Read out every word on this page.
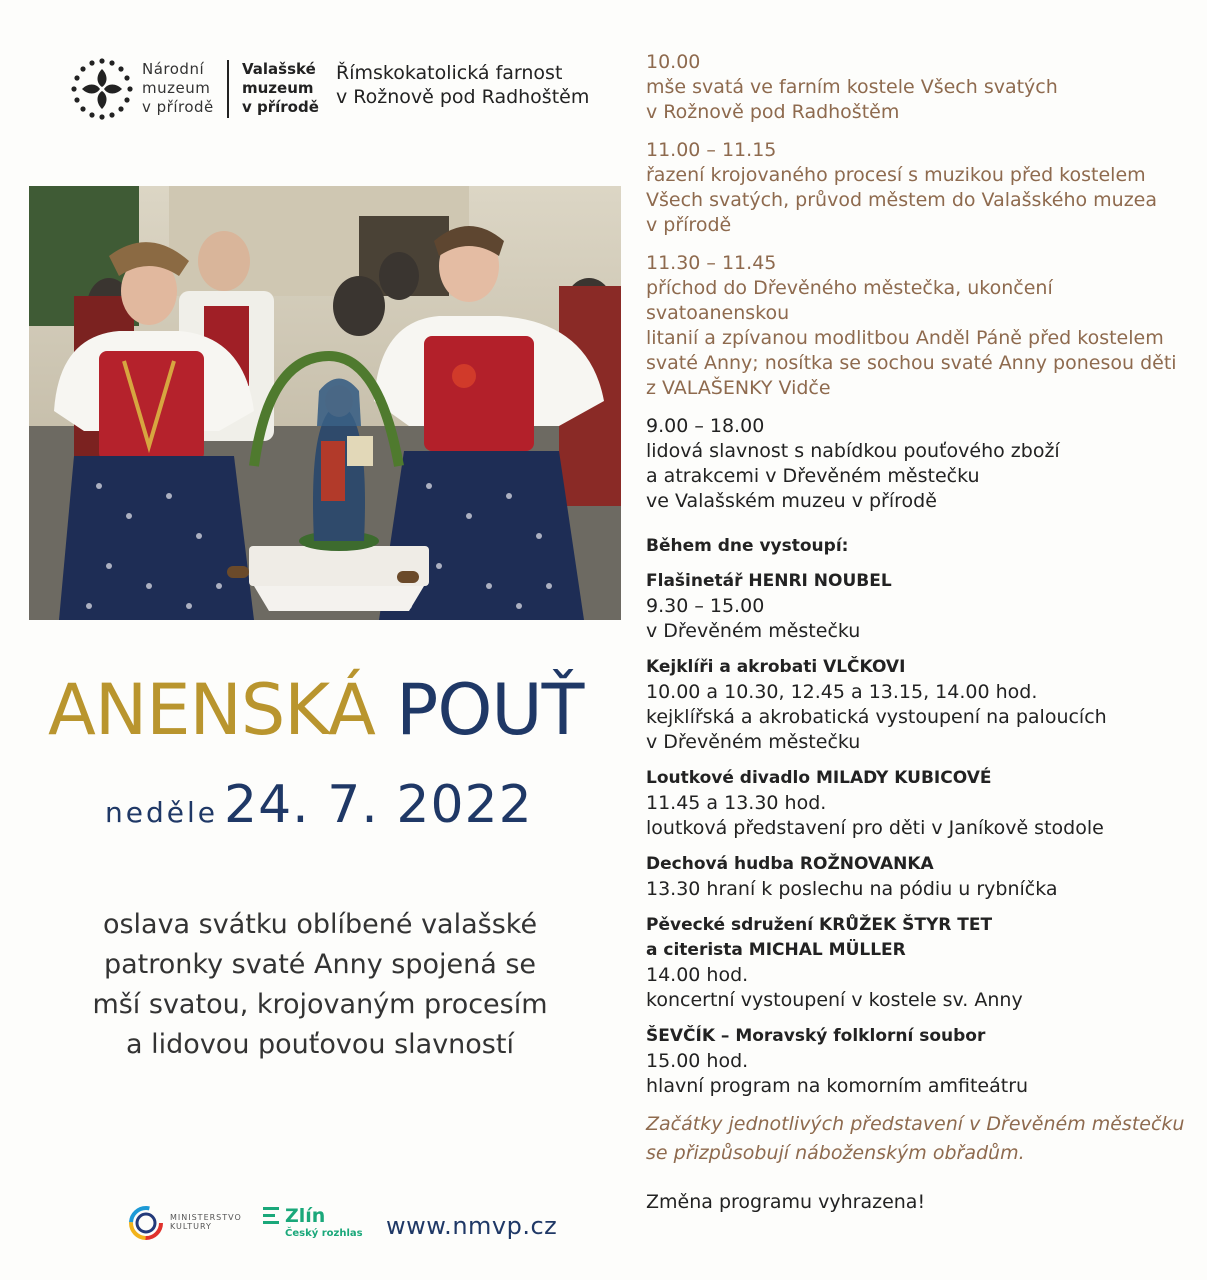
Národní
muzeum
v přírodě
Valašské
muzeum
v přírodě
Římskokatolická farnost
v Rožnově pod Radhoštěm
ANENSKÁ POUŤ
neděle 24. 7. 2022
oslava svátku oblíbené valašské
patronky svaté Anny spojená se
mší svatou, krojovaným procesím
a lidovou pouťovou slavností
MINISTERSTVO
KULTURY	Zlín
Český rozhlas www.nmvp.cz
10.00
mše svatá ve farním kostele Všech svatých
v Rožnově pod Radhoštěm
11.00 – 11.15
řazení krojovaného procesí s muzikou před kostelem
Všech svatých, průvod městem do Valašského muzea
v přírodě
11.30 – 11.45
příchod do Dřevěného městečka, ukončení svatoanenskou
litanií a zpívanou modlitbou Anděl Páně před kostelem
svaté Anny; nosítka se sochou svaté Anny ponesou děti
z VALAŠENKY Vidče
9.00 – 18.00
lidová slavnost s nabídkou pouťového zboží
a atrakcemi v Dřevěném městečku
ve Valašském muzeu v přírodě
Během dne vystoupí:
Flašinetář HENRI NOUBEL
9.30 – 15.00
v Dřevěném městečku
Kejklíři a akrobati VLČKOVI
10.00 a 10.30, 12.45 a 13.15, 14.00 hod.
kejklířská a akrobatická vystoupení na paloucích
v Dřevěném městečku
Loutkové divadlo MILADY KUBICOVÉ
11.45 a 13.30 hod.
loutková představení pro děti v Janíkově stodole
Dechová hudba ROŽNOVANKA
13.30 hraní k poslechu na pódiu u rybníčka
Pěvecké sdružení KRŮŽEK ŠTYR TET
a citerista MICHAL MÜLLER
14.00 hod.
koncertní vystoupení v kostele sv. Anny
ŠEVČÍK – Moravský folklorní soubor
15.00 hod.
hlavní program na komorním amfiteátru
Začátky jednotlivých představení v Dřevěném městečku
se přizpůsobují náboženským obřadům.
Změna programu vyhrazena!
